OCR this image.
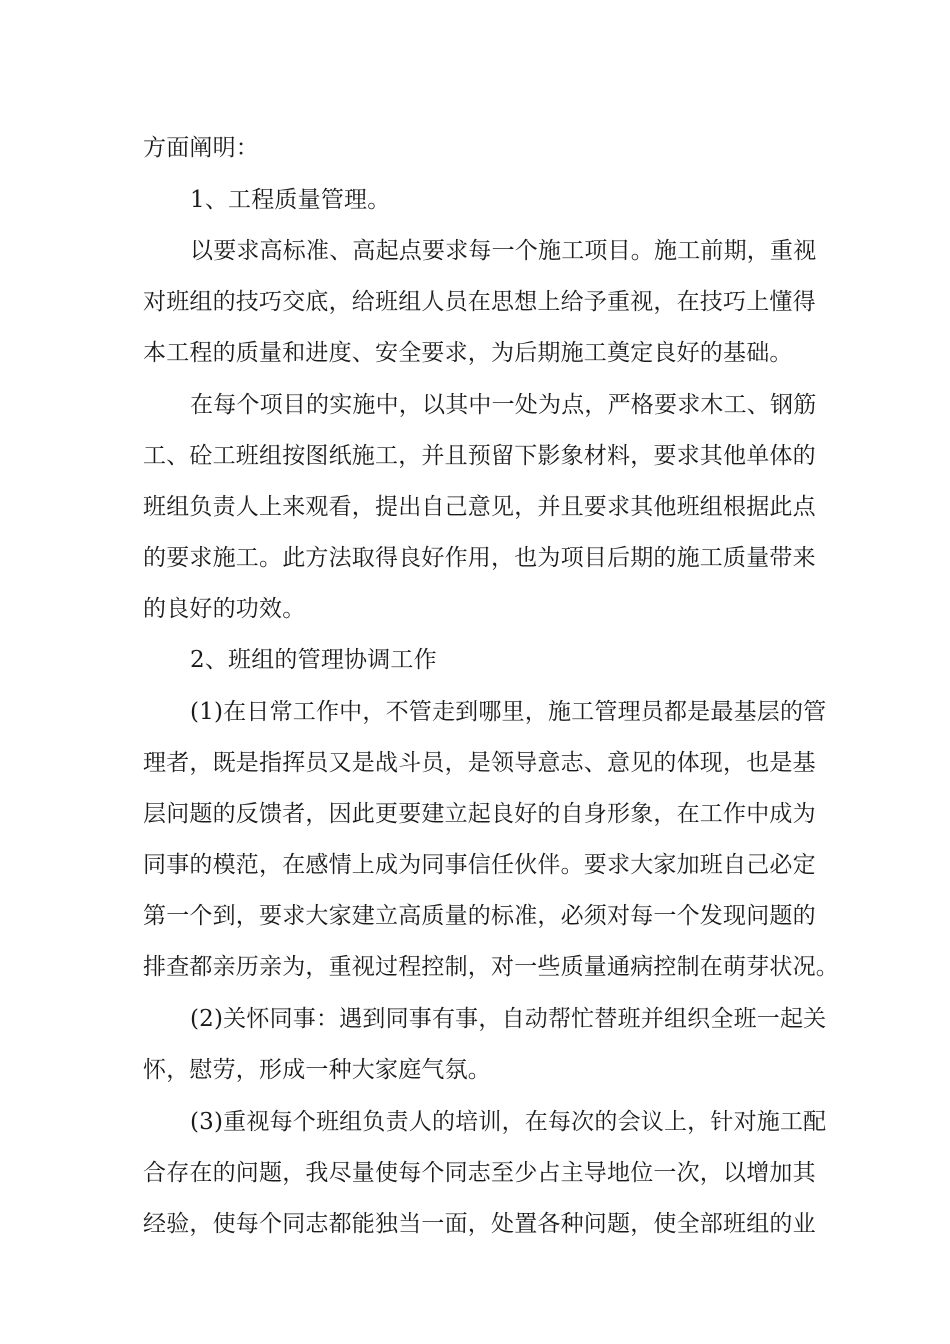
方面阐明：
1、工程质量管理。
以要求高标准、高起点要求每一个施工项目。施工前期，重视
对班组的技巧交底，给班组人员在思想上给予重视，在技巧上懂得
本工程的质量和进度、安全要求，为后期施工奠定良好的基础。
在每个项目的实施中，以其中一处为点，严格要求木工、钢筋
工、砼工班组按图纸施工，并且预留下影象材料，要求其他单体的
班组负责人上来观看，提出自己意见，并且要求其他班组根据此点
的要求施工。此方法取得良好作用，也为项目后期的施工质量带来
的良好的功效。
2、班组的管理协调工作
(1)在日常工作中，不管走到哪里，施工管理员都是最基层的管
理者，既是指挥员又是战斗员，是领导意志、意见的体现，也是基
层问题的反馈者，因此更要建立起良好的自身形象，在工作中成为
同事的模范，在感情上成为同事信任伙伴。要求大家加班自己必定
第一个到，要求大家建立高质量的标准，必须对每一个发现问题的
排查都亲历亲为，重视过程控制，对一些质量通病控制在萌芽状况。
(2)关怀同事：遇到同事有事，自动帮忙替班并组织全班一起关
怀，慰劳，形成一种大家庭气氛。
(3)重视每个班组负责人的培训，在每次的会议上，针对施工配
合存在的问题，我尽量使每个同志至少占主导地位一次，以增加其
经验，使每个同志都能独当一面，处置各种问题，使全部班组的业
